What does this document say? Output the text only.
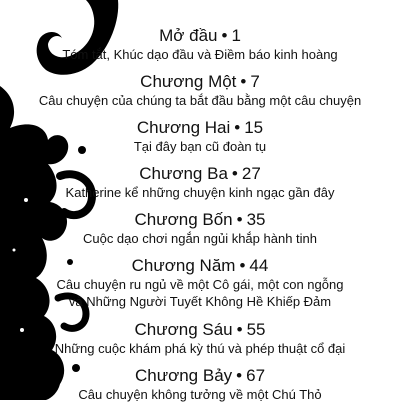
Mở đầu • 1
Tóm tắt, Khúc dạo đầu và Điềm báo kinh hoàng
Chương Một • 7
Câu chuyện của chúng ta bắt đầu bằng một câu chuyện
Chương Hai • 15
Tại đây bạn cũ đoàn tụ
Chương Ba • 27
Katherine kể những chuyện kinh ngạc gần đây
Chương Bốn • 35
Cuộc dạo chơi ngắn ngủi khắp hành tinh
Chương Năm • 44
Câu chuyện ru ngủ về một Cô gái, một con ngỗng
và Những Người Tuyết Không Hề Khiếp Đảm
Chương Sáu • 55
Những cuộc khám phá kỳ thú và phép thuật cổ đại
Chương Bảy • 67
Câu chuyện không tưởng về một Chú Thỏ
